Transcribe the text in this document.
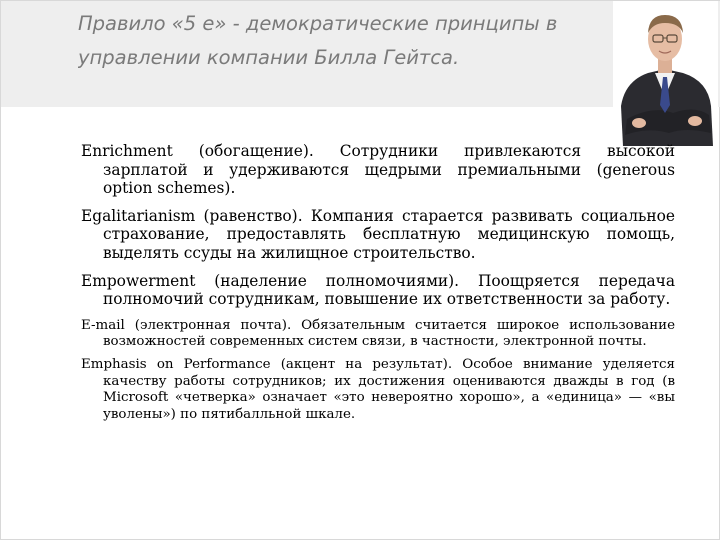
Правило «5 е» - демократические принципы в
управлении компании Билла Гейтса.

Enrichment (обогащение). Сотрудники привлекаются высокой зарплатой и удерживаются щедрыми премиальными (generous option schemes).

Egalitarianism (равенство). Компания старается развивать социальное страхование, предоставлять бесплатную медицинскую помощь, выделять ссуды на жилищное строительство.

Empowerment (наделение полномочиями). Поощряется передача полномочий сотрудникам, повышение их ответственности за работу.

E-mail (электронная почта). Обязательным считается широкое использование возможностей современных систем связи, в частности, электронной почты.

Emphasis on Performance (акцент на результат). Особое внимание уделяется качеству работы сотрудников; их достижения оцениваются дважды в год (в Microsoft «четверка» означает «это невероятно хорошо», а «единица» — «вы уволены») по пятибалльной шкале.
